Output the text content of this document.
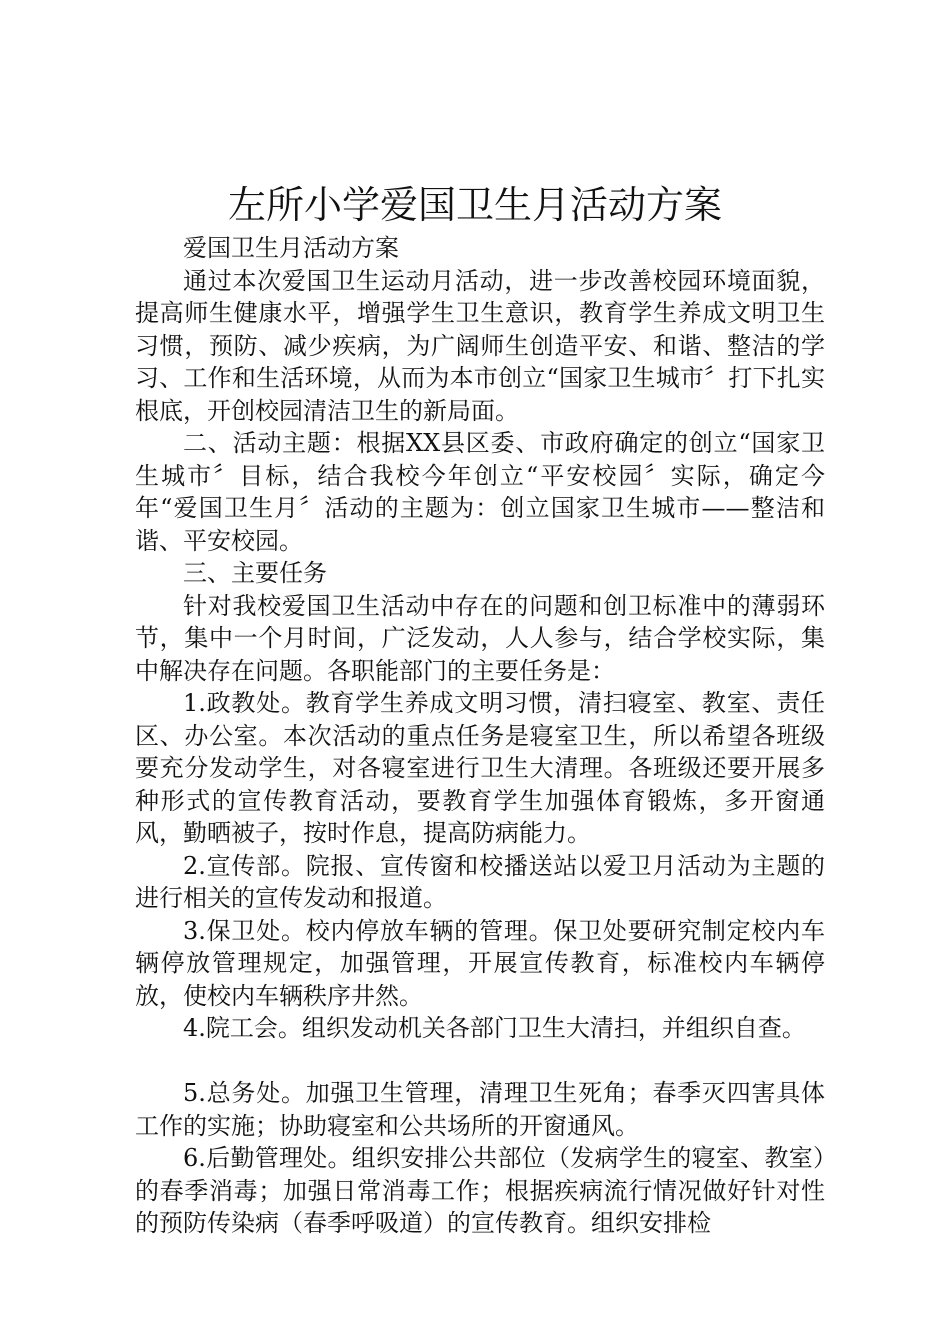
左所小学爱国卫生月活动方案

爱国卫生月活动方案

通过本次爱国卫生运动月活动，进一步改善校园环境面貌，提高师生健康水平，增强学生卫生意识，教育学生养成文明卫生习惯，预防、减少疾病，为广阔师生创造平安、和谐、整洁的学习、工作和生活环境，从而为本市创立“国家卫生城市〞打下扎实根底，开创校园清洁卫生的新局面。

二、活动主题：根据XX县区委、市政府确定的创立“国家卫生城市〞目标，结合我校今年创立“平安校园〞实际，确定今年“爱国卫生月〞活动的主题为：创立国家卫生城市——整洁和谐、平安校园。

三、主要任务

针对我校爱国卫生活动中存在的问题和创卫标准中的薄弱环节，集中一个月时间，广泛发动，人人参与，结合学校实际，集中解决存在问题。各职能部门的主要任务是：

1.政教处。教育学生养成文明习惯，清扫寝室、教室、责任区、办公室。本次活动的重点任务是寝室卫生，所以希望各班级要充分发动学生，对各寝室进行卫生大清理。各班级还要开展多种形式的宣传教育活动，要教育学生加强体育锻炼，多开窗通风，勤晒被子，按时作息，提高防病能力。

2.宣传部。院报、宣传窗和校播送站以爱卫月活动为主题的进行相关的宣传发动和报道。

3.保卫处。校内停放车辆的管理。保卫处要研究制定校内车辆停放管理规定，加强管理，开展宣传教育，标准校内车辆停放，使校内车辆秩序井然。

4.院工会。组织发动机关各部门卫生大清扫，并组织自查。

5.总务处。加强卫生管理，清理卫生死角；春季灭四害具体工作的实施；协助寝室和公共场所的开窗通风。

6.后勤管理处。组织安排公共部位（发病学生的寝室、教室）的春季消毒；加强日常消毒工作；根据疾病流行情况做好针对性的预防传染病（春季呼吸道）的宣传教育。组织安排检
